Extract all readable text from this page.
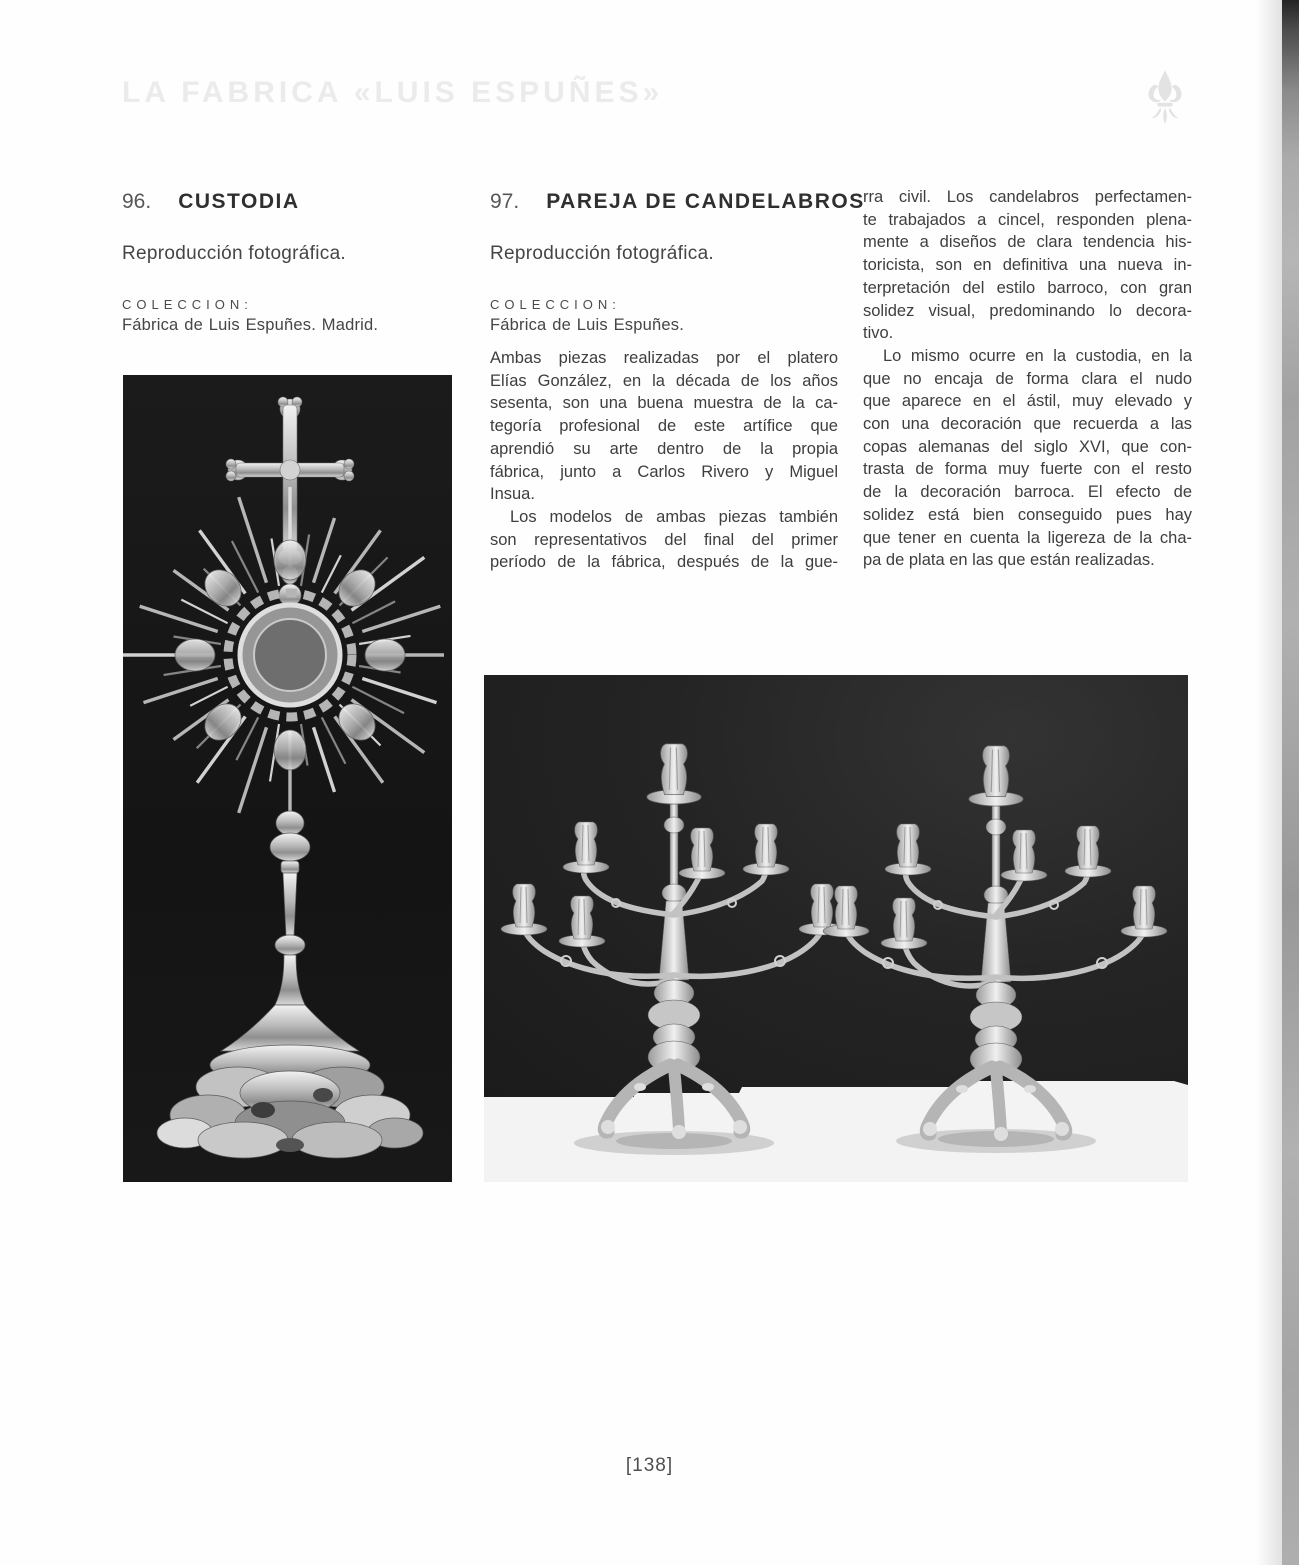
LA FABRICA «LUIS ESPUÑES»
96. CUSTODIA
Reproducción fotográfica.
COLECCION:
Fábrica de Luis Espuñes. Madrid.
97. PAREJA DE CANDELABROS
Reproducción fotográfica.
COLECCION:
Fábrica de Luis Espuñes.
Ambas piezas realizadas por el platero
Elías González, en la década de los años
sesenta, son una buena muestra de la ca-
tegoría profesional de este artífice que
aprendió su arte dentro de la propia
fábrica, junto a Carlos Rivero y Miguel
Insua.
Los modelos de ambas piezas también
son representativos del final del primer
período de la fábrica, después de la gue-
rra civil. Los candelabros perfectamen-
te trabajados a cincel, responden plena-
mente a diseños de clara tendencia his-
toricista, son en definitiva una nueva in-
terpretación del estilo barroco, con gran
solidez visual, predominando lo decora-
tivo.
Lo mismo ocurre en la custodia, en la
que no encaja de forma clara el nudo
que aparece en el ástil, muy elevado y
con una decoración que recuerda a las
copas alemanas del siglo XVI, que con-
trasta de forma muy fuerte con el resto
de la decoración barroca. El efecto de
solidez está bien conseguido pues hay
que tener en cuenta la ligereza de la cha-
pa de plata en las que están realizadas.
[138]
